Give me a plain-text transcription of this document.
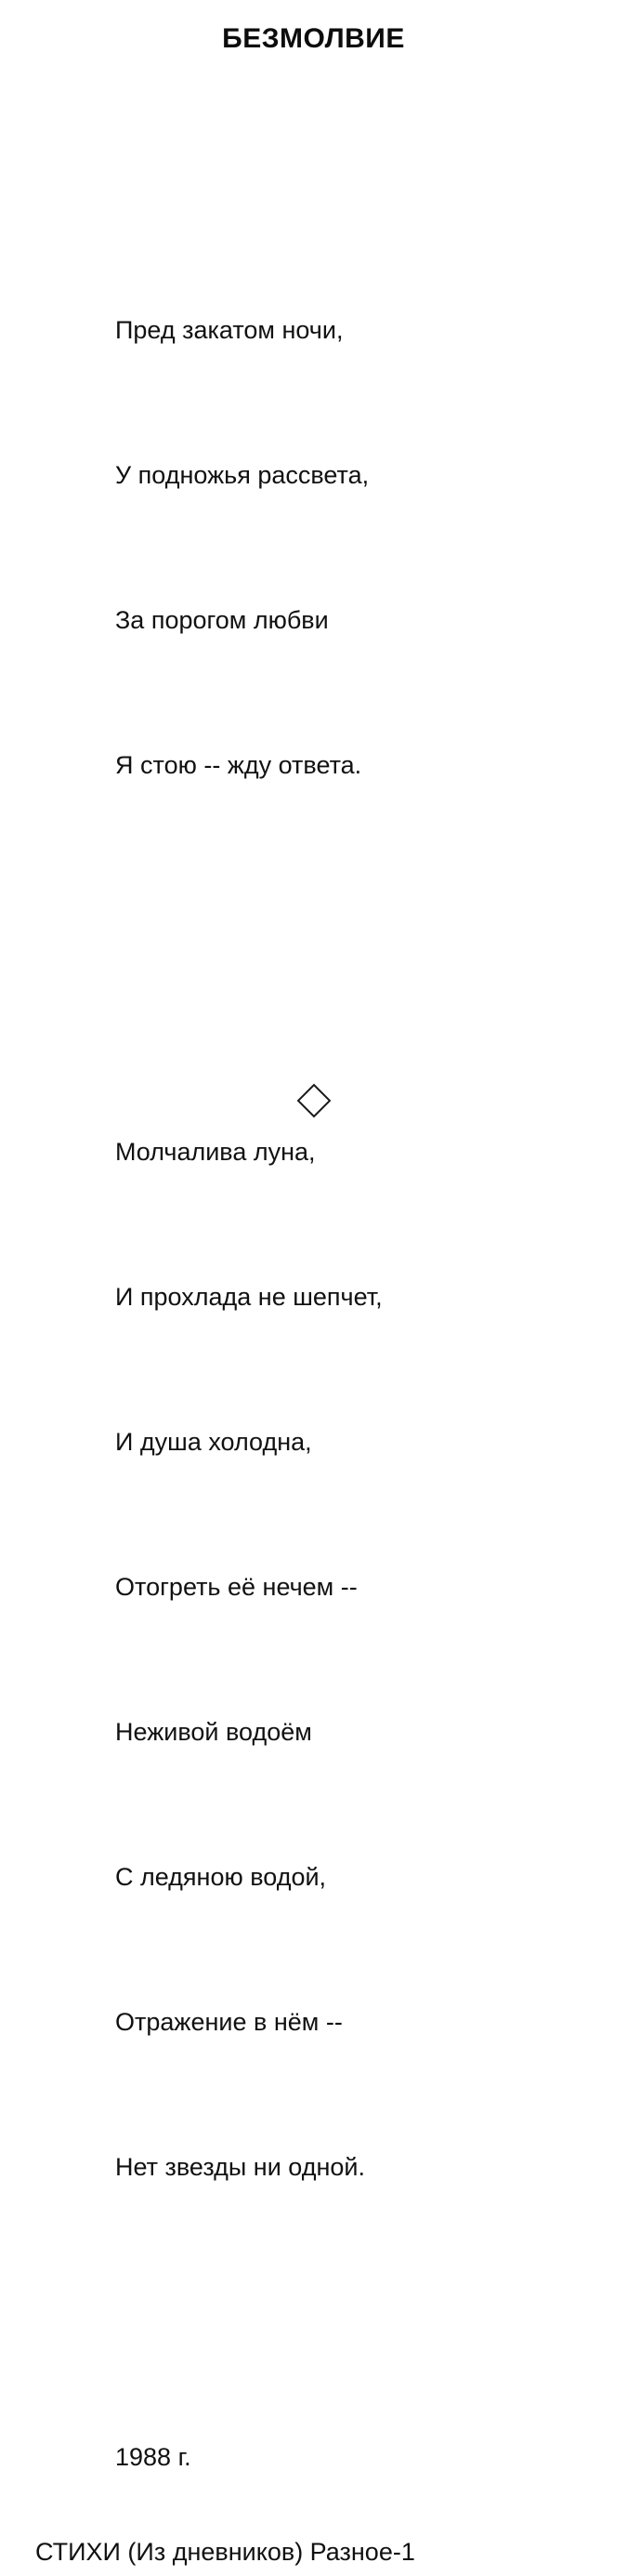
БЕЗМОЛВИЕ

Пред закатом ночи,

У подножья рассвета,

За порогом любви

Я стою -- жду ответа.

Молчалива луна,

И прохлада не шепчет,

И душа холодна,

Отогреть её нечем --

Неживой водоём

С ледяною водой,

Отражение в нём --

Нет звезды ни одной.

1988 г.
СТИХИ (Из дневников) Разное-1
